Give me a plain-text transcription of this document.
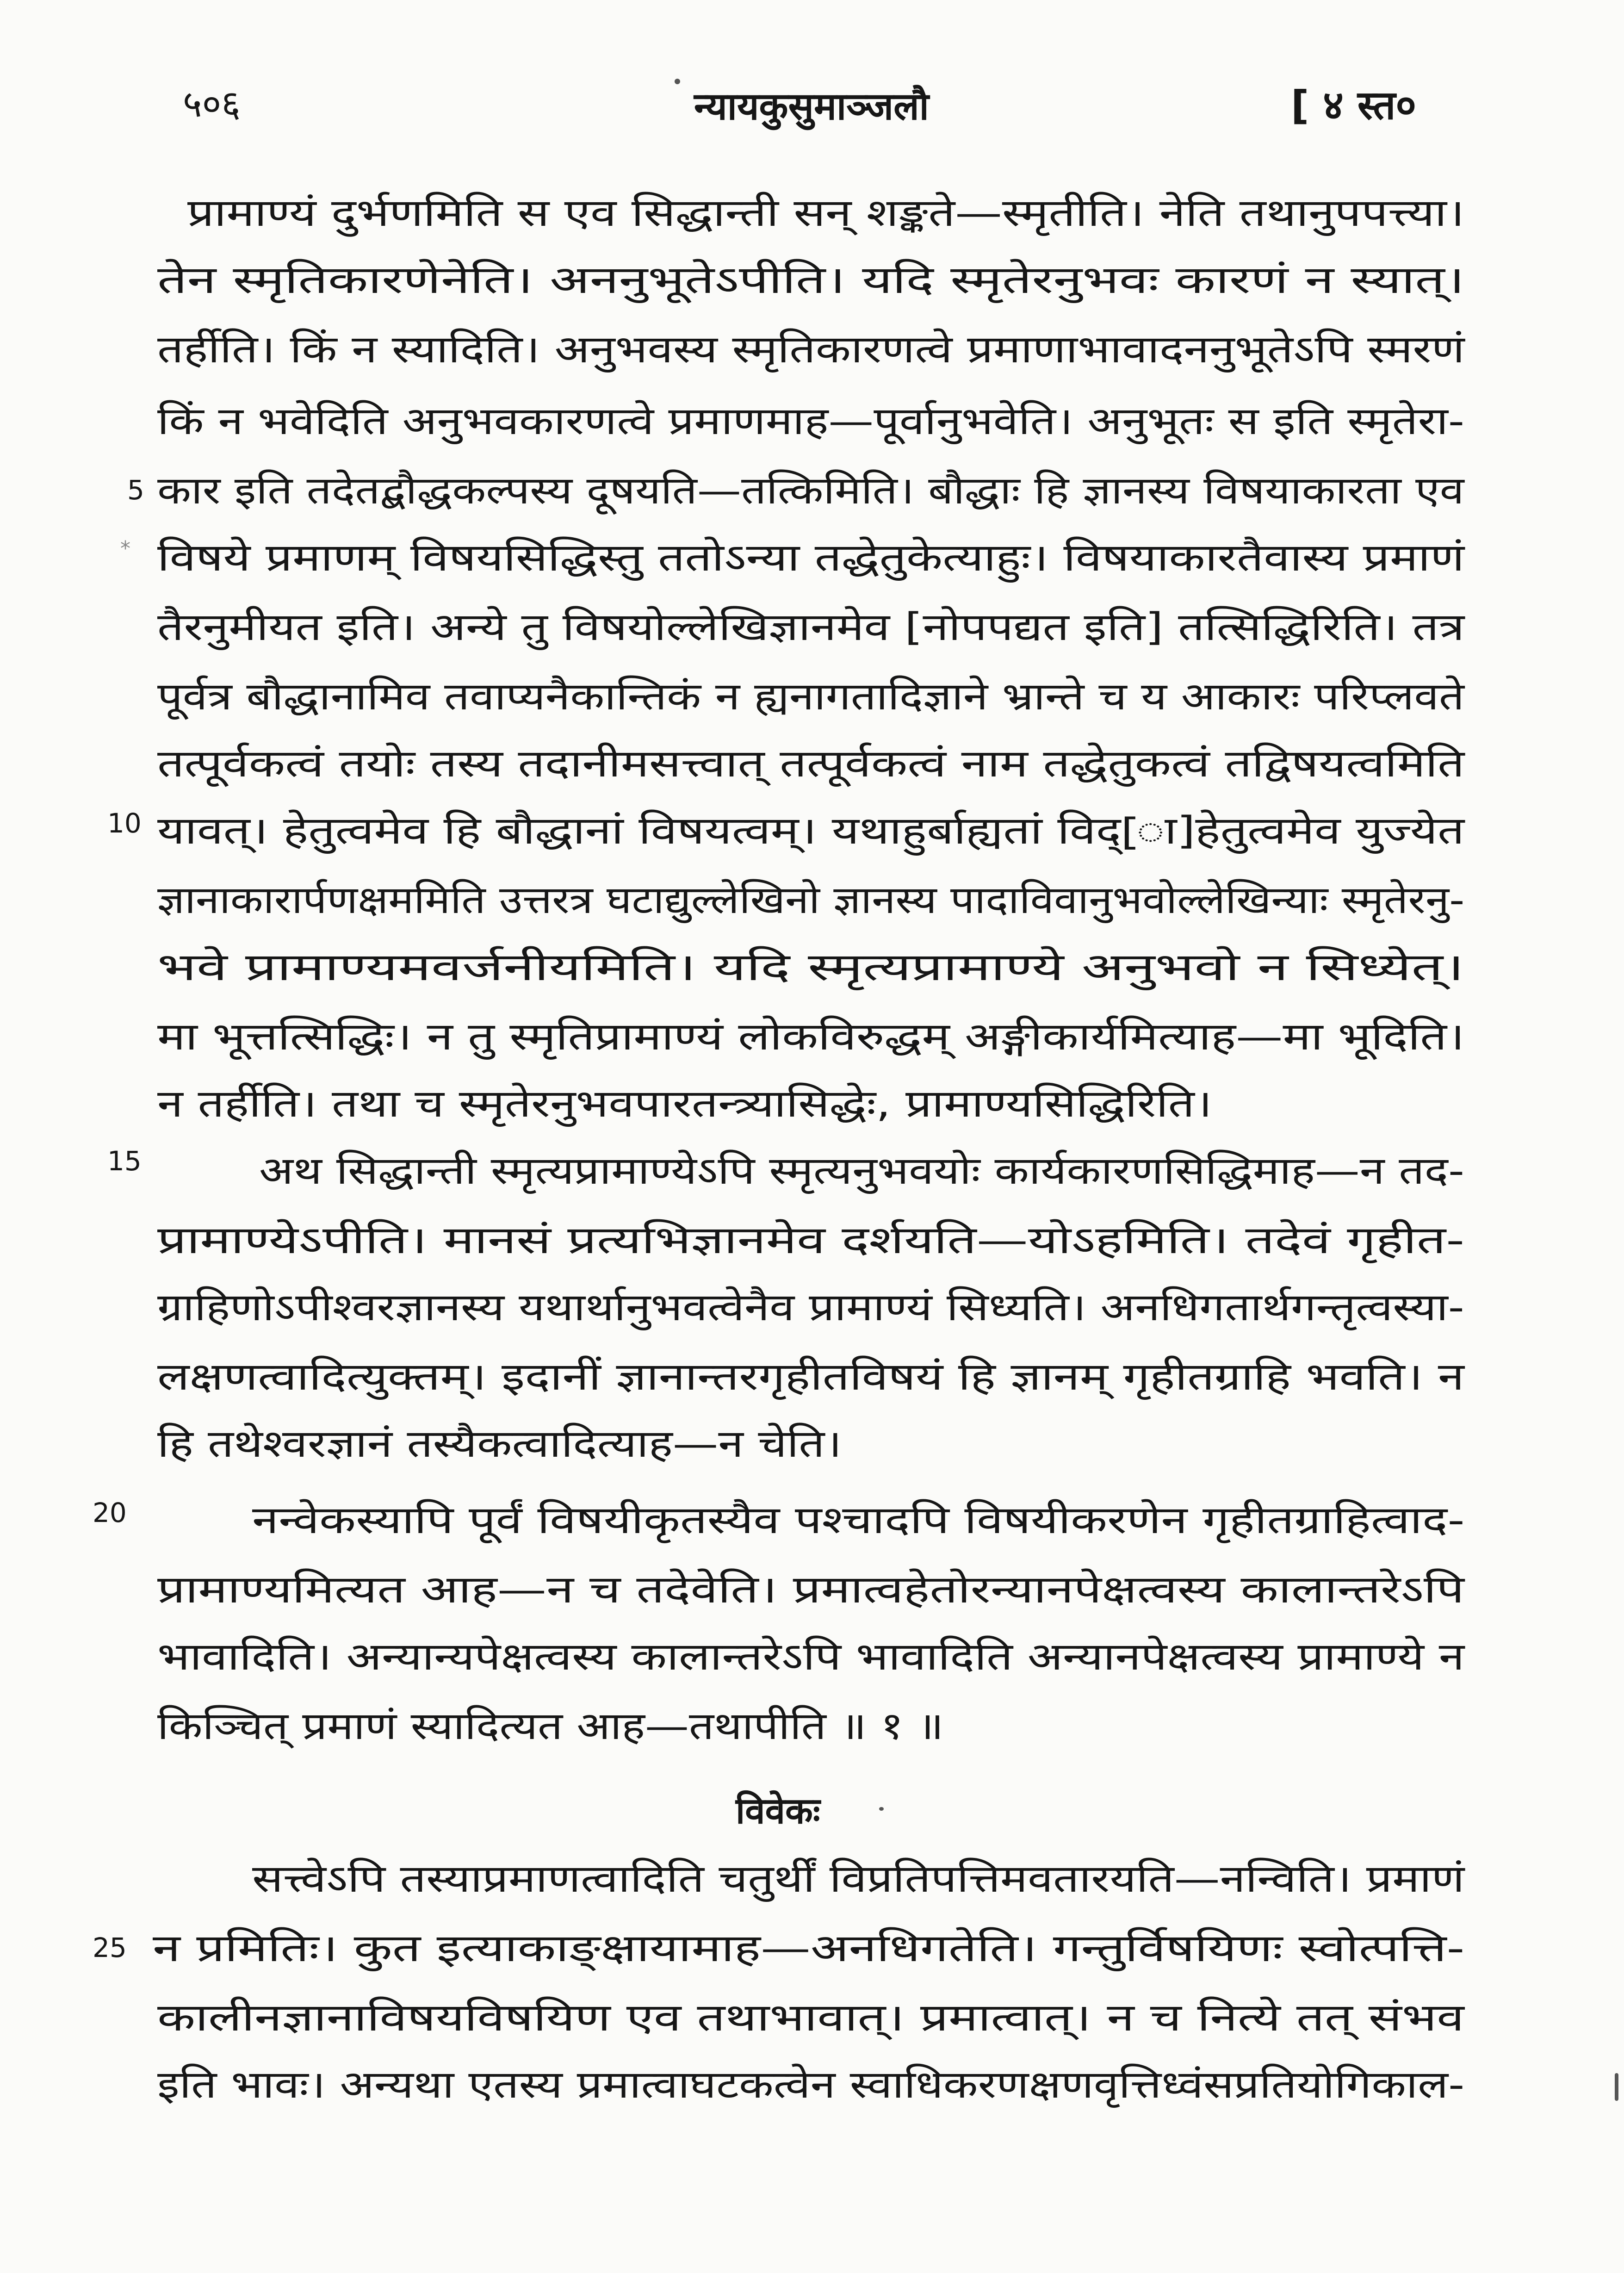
५०६	न्यायकुसुमाञ्जलौ	[ ४ स्त०
प्रामाण्यं दुर्भणमिति स एव सिद्धान्ती सन् शङ्कते—स्मृतीति। नेति तथानुपपत्त्या।
तेन स्मृतिकारणेनेति। अननुभूतेऽपीति। यदि स्मृतेरनुभवः कारणं न स्यात्।
तर्हीति। किं न स्यादिति। अनुभवस्य स्मृतिकारणत्वे प्रमाणाभावादननुभूतेऽपि स्मरणं
किं न भवेदिति अनुभवकारणत्वे प्रमाणमाह—पूर्वानुभवेति। अनुभूतः स इति स्मृतेरा-
कार इति तदेतद्बौद्धकल्पस्य दूषयति—तत्किमिति। बौद्धाः हि ज्ञानस्य विषयाकारता एव
विषये प्रमाणम् विषयसिद्धिस्तु ततोऽन्या तद्धेतुकेत्याहुः। विषयाकारतैवास्य प्रमाणं
तैरनुमीयत इति। अन्ये तु विषयोल्लेखिज्ञानमेव [नोपपद्यत इति] तत्सिद्धिरिति। तत्र
पूर्वत्र बौद्धानामिव तवाप्यनैकान्तिकं न ह्यनागतादिज्ञाने भ्रान्ते च य आकारः परिप्लवते
तत्पूर्वकत्वं तयोः तस्य तदानीमसत्त्वात् तत्पूर्वकत्वं नाम तद्धेतुकत्वं तद्विषयत्वमिति
यावत्। हेतुत्वमेव हि बौद्धानां विषयत्वम्। यथाहुर्बाह्यतां विद्[ा]हेतुत्वमेव युज्येत
ज्ञानाकारार्पणक्षममिति उत्तरत्र घटाद्युल्लेखिनो ज्ञानस्य पादाविवानुभवोल्लेखिन्याः स्मृतेरनु-
भवे प्रामाण्यमवर्जनीयमिति। यदि स्मृत्यप्रामाण्ये अनुभवो न सिध्येत्।
मा भूत्तत्सिद्धिः। न तु स्मृतिप्रामाण्यं लोकविरुद्धम् अङ्गीकार्यमित्याह—मा भूदिति।
न तर्हीति। तथा च स्मृतेरनुभवपारतन्त्र्यासिद्धेः, प्रामाण्यसिद्धिरिति।
अथ सिद्धान्ती स्मृत्यप्रामाण्येऽपि स्मृत्यनुभवयोः कार्यकारणसिद्धिमाह—न तद-
प्रामाण्येऽपीति। मानसं प्रत्यभिज्ञानमेव दर्शयति—योऽहमिति। तदेवं गृहीत-
ग्राहिणोऽपीश्वरज्ञानस्य यथार्थानुभवत्वेनैव प्रामाण्यं सिध्यति। अनधिगतार्थगन्तृत्वस्या-
लक्षणत्वादित्युक्तम्। इदानीं ज्ञानान्तरगृहीतविषयं हि ज्ञानम् गृहीतग्राहि भवति। न
हि तथेश्वरज्ञानं तस्यैकत्वादित्याह—न चेति।
नन्वेकस्यापि पूर्वं विषयीकृतस्यैव पश्चादपि विषयीकरणेन गृहीतग्राहित्वाद-
प्रामाण्यमित्यत आह—न च तदेवेति। प्रमात्वहेतोरन्यानपेक्षत्वस्य कालान्तरेऽपि
भावादिति। अन्यान्यपेक्षत्वस्य कालान्तरेऽपि भावादिति अन्यानपेक्षत्वस्य प्रामाण्ये न
किञ्चित् प्रमाणं स्यादित्यत आह—तथापीति ॥ १ ॥
विवेकः
सत्त्वेऽपि तस्याप्रमाणत्वादिति चतुर्थीं विप्रतिपत्तिमवतारयति—नन्विति। प्रमाणं
न प्रमितिः। कुत इत्याकाङ्क्षायामाह—अनधिगतेति। गन्तुर्विषयिणः स्वोत्पत्ति-
कालीनज्ञानाविषयविषयिण एव तथाभावात्। प्रमात्वात्। न च नित्ये तत् संभव
इति भावः। अन्यथा एतस्य प्रमात्वाघटकत्वेन स्वाधिकरणक्षणवृत्तिध्वंसप्रतियोगिकाल-
5
10
15
20
25
*
